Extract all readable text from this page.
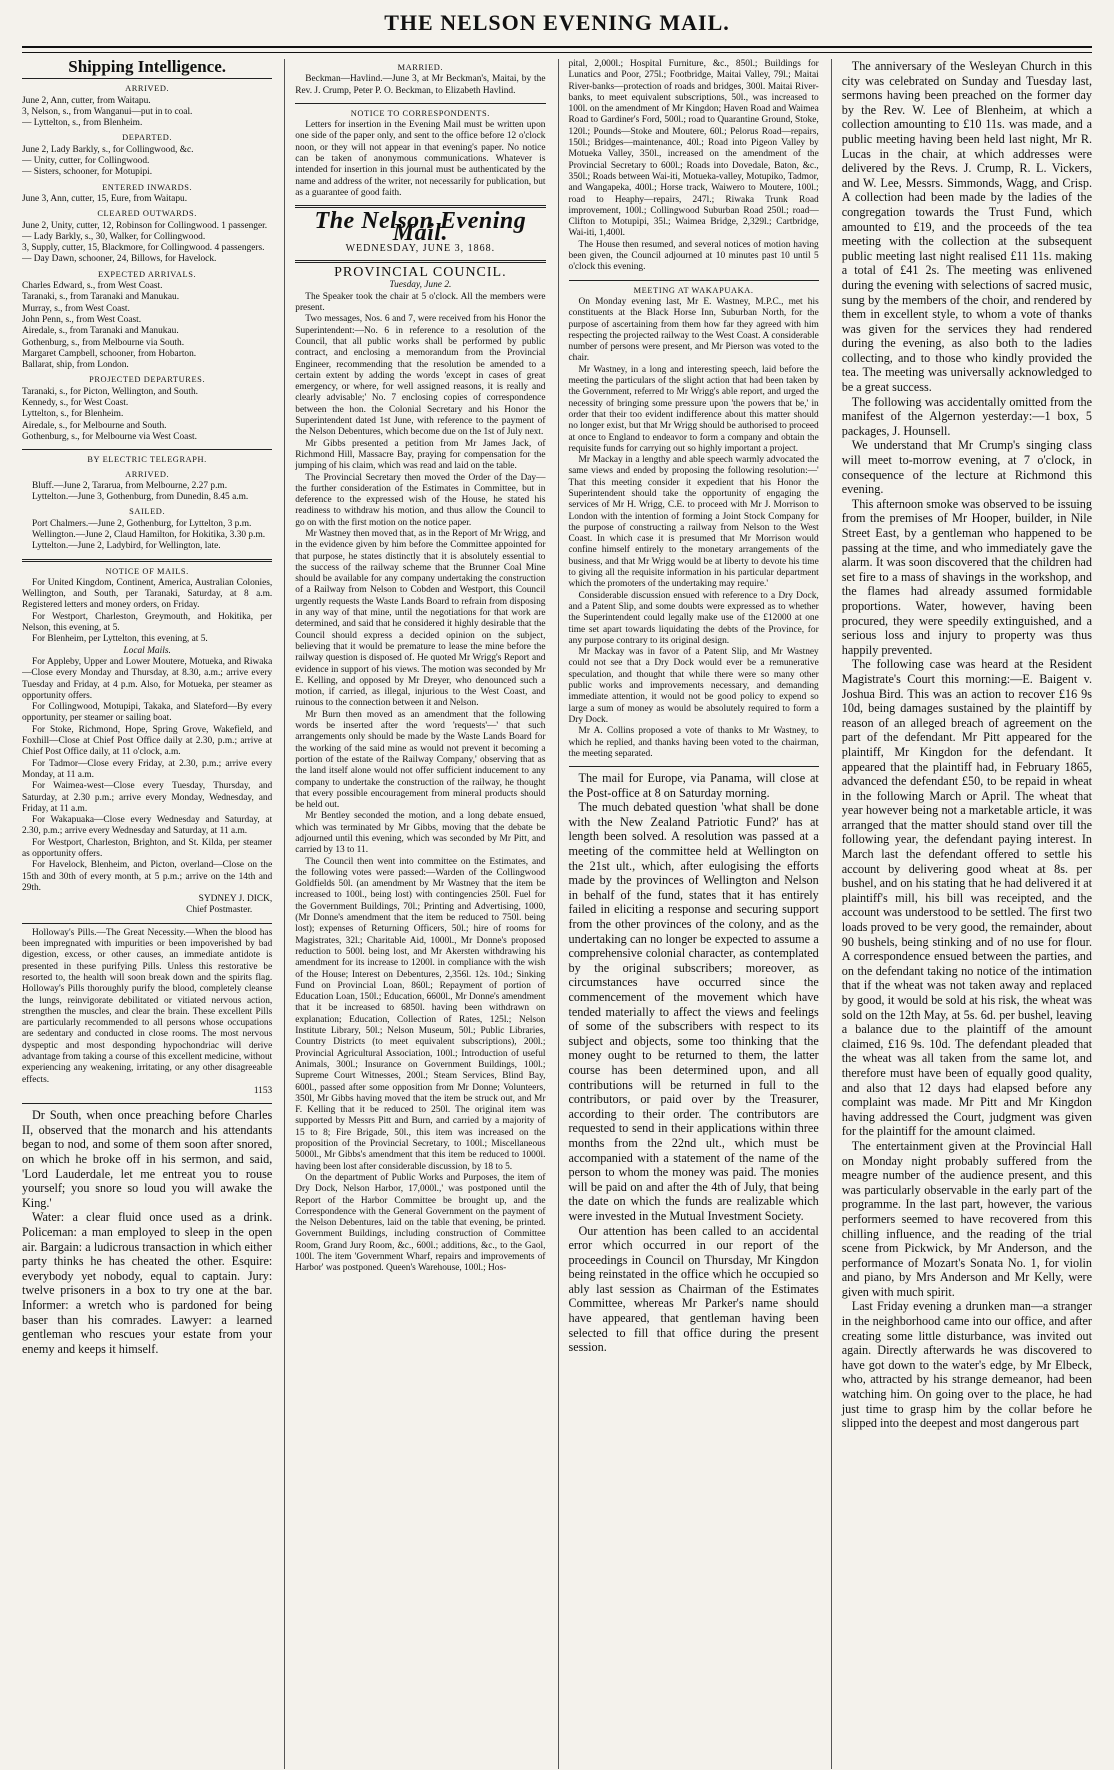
THE NELSON EVENING MAIL.
Shipping Intelligence.
ARRIVED.

June 2, Ann, cutter, from Waitapu.

3, Nelson, s., from Wanganui—put in to coal.

— Lyttelton, s., from Blenheim.

DEPARTED.

June 2, Lady Barkly, s., for Collingwood, &c.

— Unity, cutter, for Collingwood.

— Sisters, schooner, for Motupipi.

ENTERED INWARDS.

June 3, Ann, cutter, 15, Eure, from Waitapu.

CLEARED OUTWARDS.

June 2, Unity, cutter, 12, Robinson for Collingwood. 1 passenger.

— Lady Barkly, s., 30, Walker, for Collingwood.

3, Supply, cutter, 15, Blackmore, for Collingwood. 4 passengers.

— Day Dawn, schooner, 24, Billows, for Havelock.

EXPECTED ARRIVALS.

Charles Edward, s., from West Coast.

Taranaki, s., from Taranaki and Manukau.

Murray, s., from West Coast.

John Penn, s., from West Coast.

Airedale, s., from Taranaki and Manukau.

Gothenburg, s., from Melbourne via South.

Margaret Campbell, schooner, from Hobarton.

Ballarat, ship, from London.

PROJECTED DEPARTURES.

Taranaki, s., for Picton, Wellington, and South.

Kennedy, s., for West Coast.

Lyttelton, s., for Blenheim.

Airedale, s., for Melbourne and South.

Gothenburg, s., for Melbourne via West Coast.

BY ELECTRIC TELEGRAPH.
ARRIVED.

Bluff.—June 2, Tararua, from Melbourne, 2.27 p.m.

Lyttelton.—June 3, Gothenburg, from Dunedin, 8.45 a.m.

SAILED.

Port Chalmers.—June 2, Gothenburg, for Lyttelton, 3 p.m.

Wellington.—June 2, Claud Hamilton, for Hokitika, 3.30 p.m.

Lyttelton.—June 2, Ladybird, for Wellington, late.

NOTICE OF MAILS.

For United Kingdom, Continent, America, Australian Colonies, Wellington, and South, per Taranaki, Saturday, at 8 a.m. Registered letters and money orders, on Friday.

For Westport, Charleston, Greymouth, and Hokitika, per Nelson, this evening, at 5.

For Blenheim, per Lyttelton, this evening, at 5.

Local Mails.

For Appleby, Upper and Lower Moutere, Motueka, and Riwaka—Close every Monday and Thursday, at 8.30, a.m.; arrive every Tuesday and Friday, at 4 p.m. Also, for Motueka, per steamer as opportunity offers.

For Collingwood, Motupipi, Takaka, and Slateford—By every opportunity, per steamer or sailing boat.

For Stoke, Richmond, Hope, Spring Grove, Wakefield, and Foxhill—Close at Chief Post Office daily at 2.30, p.m.; arrive at Chief Post Office daily, at 11 o'clock, a.m.

For Tadmor—Close every Friday, at 2.30, p.m.; arrive every Monday, at 11 a.m.

For Waimea-west—Close every Tuesday, Thursday, and Saturday, at 2.30 p.m.; arrive every Monday, Wednesday, and Friday, at 11 a.m.

For Wakapuaka—Close every Wednesday and Saturday, at 2.30, p.m.; arrive every Wednesday and Saturday, at 11 a.m.

For Westport, Charleston, Brighton, and St. Kilda, per steamer as opportunity offers.

For Havelock, Blenheim, and Picton, overland—Close on the 15th and 30th of every month, at 5 p.m.; arrive on the 14th and 29th.

SYDNEY J. DICK,

Chief Postmaster.

Holloway's Pills.—The Great Necessity.—When the blood has been impregnated with impurities or been impoverished by bad digestion, excess, or other causes, an immediate antidote is presented in these purifying Pills. Unless this restorative be resorted to, the health will soon break down and the spirits flag. Holloway's Pills thoroughly purify the blood, completely cleanse the lungs, reinvigorate debilitated or vitiated nervous action, strengthen the muscles, and clear the brain. These excellent Pills are particularly recommended to all persons whose occupations are sedentary and conducted in close rooms. The most nervous dyspeptic and most desponding hypochondriac will derive advantage from taking a course of this excellent medicine, without experiencing any weakening, irritating, or any other disagreeable effects.

1153

Dr South, when once preaching before Charles II, observed that the monarch and his attendants began to nod, and some of them soon after snored, on which he broke off in his sermon, and said, 'Lord Lauderdale, let me entreat you to rouse yourself; you snore so loud you will awake the King.'

Water: a clear fluid once used as a drink. Policeman: a man employed to sleep in the open air. Bargain: a ludicrous transaction in which either party thinks he has cheated the other. Esquire: everybody yet nobody, equal to captain. Jury: twelve prisoners in a box to try one at the bar. Informer: a wretch who is pardoned for being baser than his comrades. Lawyer: a learned gentleman who rescues your estate from your enemy and keeps it himself.

MARRIED.

Beckman—Havlind.—June 3, at Mr Beckman's, Maitai, by the Rev. J. Crump, Peter P. O. Beckman, to Elizabeth Havlind.

NOTICE TO CORRESPONDENTS.

Letters for insertion in the Evening Mail must be written upon one side of the paper only, and sent to the office before 12 o'clock noon, or they will not appear in that evening's paper. No notice can be taken of anonymous communications. Whatever is intended for insertion in this journal must be authenticated by the name and address of the writer, not necessarily for publication, but as a guarantee of good faith.

The Nelson Evening Mail.
WEDNESDAY, JUNE 3, 1868.
PROVINCIAL COUNCIL.
Tuesday, June 2.

The Speaker took the chair at 5 o'clock. All the members were present.

Two messages, Nos. 6 and 7, were received from his Honor the Superintendent:—No. 6 in reference to a resolution of the Council, that all public works shall be performed by public contract, and enclosing a memorandum from the Provincial Engineer, recommending that the resolution be amended to a certain extent by adding the words 'except in cases of great emergency, or where, for well assigned reasons, it is really and clearly advisable;' No. 7 enclosing copies of correspondence between the hon. the Colonial Secretary and his Honor the Superintendent dated 1st June, with reference to the payment of the Nelson Debentures, which become due on the 1st of July next.

Mr Gibbs presented a petition from Mr James Jack, of Richmond Hill, Massacre Bay, praying for compensation for the jumping of his claim, which was read and laid on the table.

The Provincial Secretary then moved the Order of the Day—the further consideration of the Estimates in Committee, but in deference to the expressed wish of the House, he stated his readiness to withdraw his motion, and thus allow the Council to go on with the first motion on the notice paper.

Mr Wastney then moved that, as in the Report of Mr Wrigg, and in the evidence given by him before the Committee appointed for that purpose, he states distinctly that it is absolutely essential to the success of the railway scheme that the Brunner Coal Mine should be available for any company undertaking the construction of a Railway from Nelson to Cobden and Westport, this Council urgently requests the Waste Lands Board to refrain from disposing in any way of that mine, until the negotiations for that work are determined, and said that he considered it highly desirable that the Council should express a decided opinion on the subject, believing that it would be premature to lease the mine before the railway question is disposed of. He quoted Mr Wrigg's Report and evidence in support of his views. The motion was seconded by Mr E. Kelling, and opposed by Mr Dreyer, who denounced such a motion, if carried, as illegal, injurious to the West Coast, and ruinous to the connection between it and Nelson.

Mr Burn then moved as an amendment that the following words be inserted after the word 'requests'—' that such arrangements only should be made by the Waste Lands Board for the working of the said mine as would not prevent it becoming a portion of the estate of the Railway Company,' observing that as the land itself alone would not offer sufficient inducement to any company to undertake the construction of the railway, he thought that every possible encouragement from mineral products should be held out.

Mr Bentley seconded the motion, and a long debate ensued, which was terminated by Mr Gibbs, moving that the debate be adjourned until this evening, which was seconded by Mr Pitt, and carried by 13 to 11.

The Council then went into committee on the Estimates, and the following votes were passed:—Warden of the Collingwood Goldfields 50l. (an amendment by Mr Wastney that the item be increased to 100l., being lost) with contingencies 250l. Fuel for the Government Buildings, 70l.; Printing and Advertising, 1000, (Mr Donne's amendment that the item be reduced to 750l. being lost); expenses of Returning Officers, 50l.; hire of rooms for Magistrates, 32l.; Charitable Aid, 1000l., Mr Donne's proposed reduction to 500l. being lost, and Mr Akersten withdrawing his amendment for its increase to 1200l. in compliance with the wish of the House; Interest on Debentures, 2,356l. 12s. 10d.; Sinking Fund on Provincial Loan, 860l.; Repayment of portion of Education Loan, 150l.; Education, 6600l., Mr Donne's amendment that it be increased to 6850l. having been withdrawn on explanation; Education, Collection of Rates, 125l.; Nelson Institute Library, 50l.; Nelson Museum, 50l.; Public Libraries, Country Districts (to meet equivalent subscriptions), 200l.; Provincial Agricultural Association, 100l.; Introduction of useful Animals, 300l.; Insurance on Government Buildings, 100l.; Supreme Court Witnesses, 200l.; Steam Services, Blind Bay, 600l., passed after some opposition from Mr Donne; Volunteers, 350l, Mr Gibbs having moved that the item be struck out, and Mr F. Kelling that it be reduced to 250l. The original item was supported by Messrs Pitt and Burn, and carried by a majority of 15 to 8; Fire Brigade, 50l., this item was increased on the proposition of the Provincial Secretary, to 100l.; Miscellaneous 5000l., Mr Gibbs's amendment that this item be reduced to 1000l. having been lost after considerable discussion, by 18 to 5.

On the department of Public Works and Purposes, the item of Dry Dock, Nelson Harbor, 17,000l.,' was postponed until the Report of the Harbor Committee be brought up, and the Correspondence with the General Government on the payment of the Nelson Debentures, laid on the table that evening, be printed. Government Buildings, including construction of Committee Room, Grand Jury Room, &c., 600l.; additions, &c., to the Gaol, 100l. The item 'Government Wharf, repairs and improvements of Harbor' was postponed. Queen's Warehouse, 100l.; Hos-

pital, 2,000l.; Hospital Furniture, &c., 850l.; Buildings for Lunatics and Poor, 275l.; Footbridge, Maitai Valley, 79l.; Maitai River-banks—protection of roads and bridges, 300l. Maitai River-banks, to meet equivalent subscriptions, 50l., was increased to 100l. on the amendment of Mr Kingdon; Haven Road and Waimea Road to Gardiner's Ford, 500l.; road to Quarantine Ground, Stoke, 120l.; Pounds—Stoke and Moutere, 60l.; Pelorus Road—repairs, 150l.; Bridges—maintenance, 40l.; Road into Pigeon Valley by Motueka Valley, 350l., increased on the amendment of the Provincial Secretary to 600l.; Roads into Dovedale, Baton, &c., 350l.; Roads between Wai-iti, Motueka-valley, Motupiko, Tadmor, and Wangapeka, 400l.; Horse track, Waiwero to Moutere, 100l.; road to Heaphy—repairs, 247l.; Riwaka Trunk Road improvement, 100l.; Collingwood Suburban Road 250l.; road—Clifton to Motupipi, 35l.; Waimea Bridge, 2,329l.; Cartbridge, Wai-iti, 1,400l.

The House then resumed, and several notices of motion having been given, the Council adjourned at 10 minutes past 10 until 5 o'clock this evening.

MEETING AT WAKAPUAKA.

On Monday evening last, Mr E. Wastney, M.P.C., met his constituents at the Black Horse Inn, Suburban North, for the purpose of ascertaining from them how far they agreed with him respecting the projected railway to the West Coast. A considerable number of persons were present, and Mr Pierson was voted to the chair.

Mr Wastney, in a long and interesting speech, laid before the meeting the particulars of the slight action that had been taken by the Government, referred to Mr Wrigg's able report, and urged the necessity of bringing some pressure upon 'the powers that be,' in order that their too evident indifference about this matter should no longer exist, but that Mr Wrigg should be authorised to proceed at once to England to endeavor to form a company and obtain the requisite funds for carrying out so highly important a project.

Mr Mackay in a lengthy and able speech warmly advocated the same views and ended by proposing the following resolution:—' That this meeting consider it expedient that his Honor the Superintendent should take the opportunity of engaging the services of Mr H. Wrigg, C.E. to proceed with Mr J. Morrison to London with the intention of forming a Joint Stock Company for the purpose of constructing a railway from Nelson to the West Coast. In which case it is presumed that Mr Morrison would confine himself entirely to the monetary arrangements of the business, and that Mr Wrigg would be at liberty to devote his time to giving all the requisite information in his particular department which the promoters of the undertaking may require.'

Considerable discussion ensued with reference to a Dry Dock, and a Patent Slip, and some doubts were expressed as to whether the Superintendent could legally make use of the £12000 at one time set apart towards liquidating the debts of the Province, for any purpose contrary to its original design.

Mr Mackay was in favor of a Patent Slip, and Mr Wastney could not see that a Dry Dock would ever be a remunerative speculation, and thought that while there were so many other public works and improvements necessary, and demanding immediate attention, it would not be good policy to expend so large a sum of money as would be absolutely required to form a Dry Dock.

Mr A. Collins proposed a vote of thanks to Mr Wastney, to which he replied, and thanks having been voted to the chairman, the meeting separated.

The mail for Europe, via Panama, will close at the Post-office at 8 on Saturday morning.

The much debated question 'what shall be done with the New Zealand Patriotic Fund?' has at length been solved. A resolution was passed at a meeting of the committee held at Wellington on the 21st ult., which, after eulogising the efforts made by the provinces of Wellington and Nelson in behalf of the fund, states that it has entirely failed in eliciting a response and securing support from the other provinces of the colony, and as the undertaking can no longer be expected to assume a comprehensive colonial character, as contemplated by the original subscribers; moreover, as circumstances have occurred since the commencement of the movement which have tended materially to affect the views and feelings of some of the subscribers with respect to its subject and objects, some too thinking that the money ought to be returned to them, the latter course has been determined upon, and all contributions will be returned in full to the contributors, or paid over by the Treasurer, according to their order. The contributors are requested to send in their applications within three months from the 22nd ult., which must be accompanied with a statement of the name of the person to whom the money was paid. The monies will be paid on and after the 4th of July, that being the date on which the funds are realizable which were invested in the Mutual Investment Society.

Our attention has been called to an accidental error which occurred in our report of the proceedings in Council on Thursday, Mr Kingdon being reinstated in the office which he occupied so ably last session as Chairman of the Estimates Committee, whereas Mr Parker's name should have appeared, that gentleman having been selected to fill that office during the present session.

The anniversary of the Wesleyan Church in this city was celebrated on Sunday and Tuesday last, sermons having been preached on the former day by the Rev. W. Lee of Blenheim, at which a collection amounting to £10 11s. was made, and a public meeting having been held last night, Mr R. Lucas in the chair, at which addresses were delivered by the Revs. J. Crump, R. L. Vickers, and W. Lee, Messrs. Simmonds, Wagg, and Crisp. A collection had been made by the ladies of the congregation towards the Trust Fund, which amounted to £19, and the proceeds of the tea meeting with the collection at the subsequent public meeting last night realised £11 11s. making a total of £41 2s. The meeting was enlivened during the evening with selections of sacred music, sung by the members of the choir, and rendered by them in excellent style, to whom a vote of thanks was given for the services they had rendered during the evening, as also both to the ladies collecting, and to those who kindly provided the tea. The meeting was universally acknowledged to be a great success.

The following was accidentally omitted from the manifest of the Algernon yesterday:—1 box, 5 packages, J. Hounsell.

We understand that Mr Crump's singing class will meet to-morrow evening, at 7 o'clock, in consequence of the lecture at Richmond this evening.

This afternoon smoke was observed to be issuing from the premises of Mr Hooper, builder, in Nile Street East, by a gentleman who happened to be passing at the time, and who immediately gave the alarm. It was soon discovered that the children had set fire to a mass of shavings in the workshop, and the flames had already assumed formidable proportions. Water, however, having been procured, they were speedily extinguished, and a serious loss and injury to property was thus happily prevented.

The following case was heard at the Resident Magistrate's Court this morning:—E. Baigent v. Joshua Bird. This was an action to recover £16 9s 10d, being damages sustained by the plaintiff by reason of an alleged breach of agreement on the part of the defendant. Mr Pitt appeared for the plaintiff, Mr Kingdon for the defendant. It appeared that the plaintiff had, in February 1865, advanced the defendant £50, to be repaid in wheat in the following March or April. The wheat that year however being not a marketable article, it was arranged that the matter should stand over till the following year, the defendant paying interest. In March last the defendant offered to settle his account by delivering good wheat at 8s. per bushel, and on his stating that he had delivered it at plaintiff's mill, his bill was receipted, and the account was understood to be settled. The first two loads proved to be very good, the remainder, about 90 bushels, being stinking and of no use for flour. A correspondence ensued between the parties, and on the defendant taking no notice of the intimation that if the wheat was not taken away and replaced by good, it would be sold at his risk, the wheat was sold on the 12th May, at 5s. 6d. per bushel, leaving a balance due to the plaintiff of the amount claimed, £16 9s. 10d. The defendant pleaded that the wheat was all taken from the same lot, and therefore must have been of equally good quality, and also that 12 days had elapsed before any complaint was made. Mr Pitt and Mr Kingdon having addressed the Court, judgment was given for the plaintiff for the amount claimed.

The entertainment given at the Provincial Hall on Monday night probably suffered from the meagre number of the audience present, and this was particularly observable in the early part of the programme. In the last part, however, the various performers seemed to have recovered from this chilling influence, and the reading of the trial scene from Pickwick, by Mr Anderson, and the performance of Mozart's Sonata No. 1, for violin and piano, by Mrs Anderson and Mr Kelly, were given with much spirit.

Last Friday evening a drunken man—a stranger in the neighborhood came into our office, and after creating some little disturbance, was invited out again. Directly afterwards he was discovered to have got down to the water's edge, by Mr Elbeck, who, attracted by his strange demeanor, had been watching him. On going over to the place, he had just time to grasp him by the collar before he slipped into the deepest and most dangerous part
